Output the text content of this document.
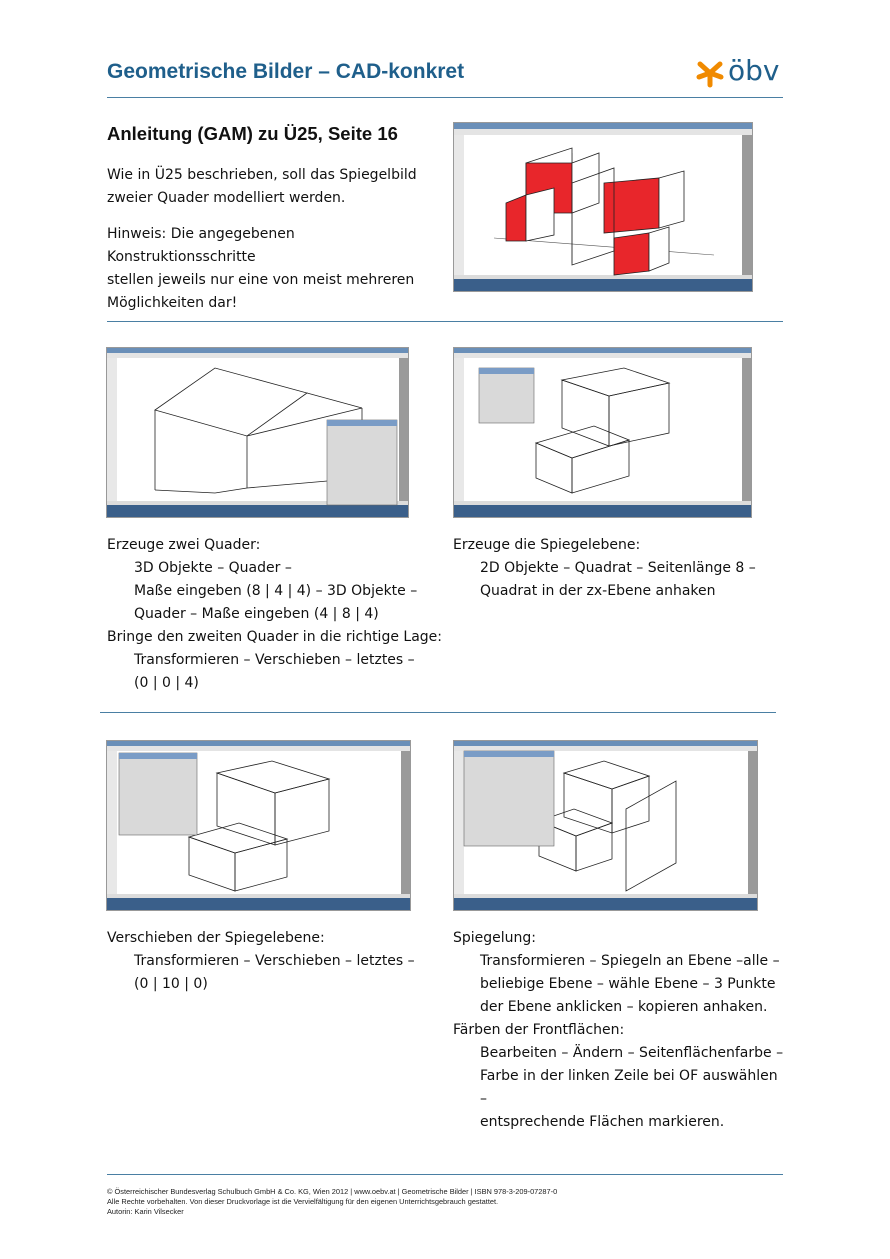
Geometrische Bilder – CAD-konkret	öbv
Anleitung (GAM) zu Ü25, Seite 16
Wie in Ü25 beschrieben, soll das Spiegelbild
zweier Quader modelliert werden.
Hinweis: Die angegebenen Konstruktionsschritte
stellen jeweils nur eine von meist mehreren
Möglichkeiten dar!
Erzeuge zwei Quader:
3D Objekte – Quader –
Maße eingeben (8 | 4 | 4) – 3D Objekte –
Quader – Maße eingeben (4 | 8 | 4)
Bringe den zweiten Quader in die richtige Lage:
Transformieren – Verschieben – letztes –
(0 | 0 | 4)
Erzeuge die Spiegelebene:
2D Objekte – Quadrat – Seitenlänge 8 –
Quadrat in der zx-Ebene anhaken
Verschieben der Spiegelebene:
Transformieren – Verschieben – letztes –
(0 | 10 | 0)
Spiegelung:
Transformieren – Spiegeln an Ebene –alle –
beliebige Ebene – wähle Ebene – 3 Punkte
der Ebene anklicken – kopieren anhaken.
Färben der Frontflächen:
Bearbeiten – Ändern – Seitenflächenfarbe –
Farbe in der linken Zeile bei OF auswählen –
entsprechende Flächen markieren.
© Österreichischer Bundesverlag Schulbuch GmbH & Co. KG, Wien 2012 | www.oebv.at | Geometrische Bilder | ISBN 978-3-209-07287-0
Alle Rechte vorbehalten. Von dieser Druckvorlage ist die Vervielfältigung für den eigenen Unterrichtsgebrauch gestattet.
Autorin: Karin Vilsecker
